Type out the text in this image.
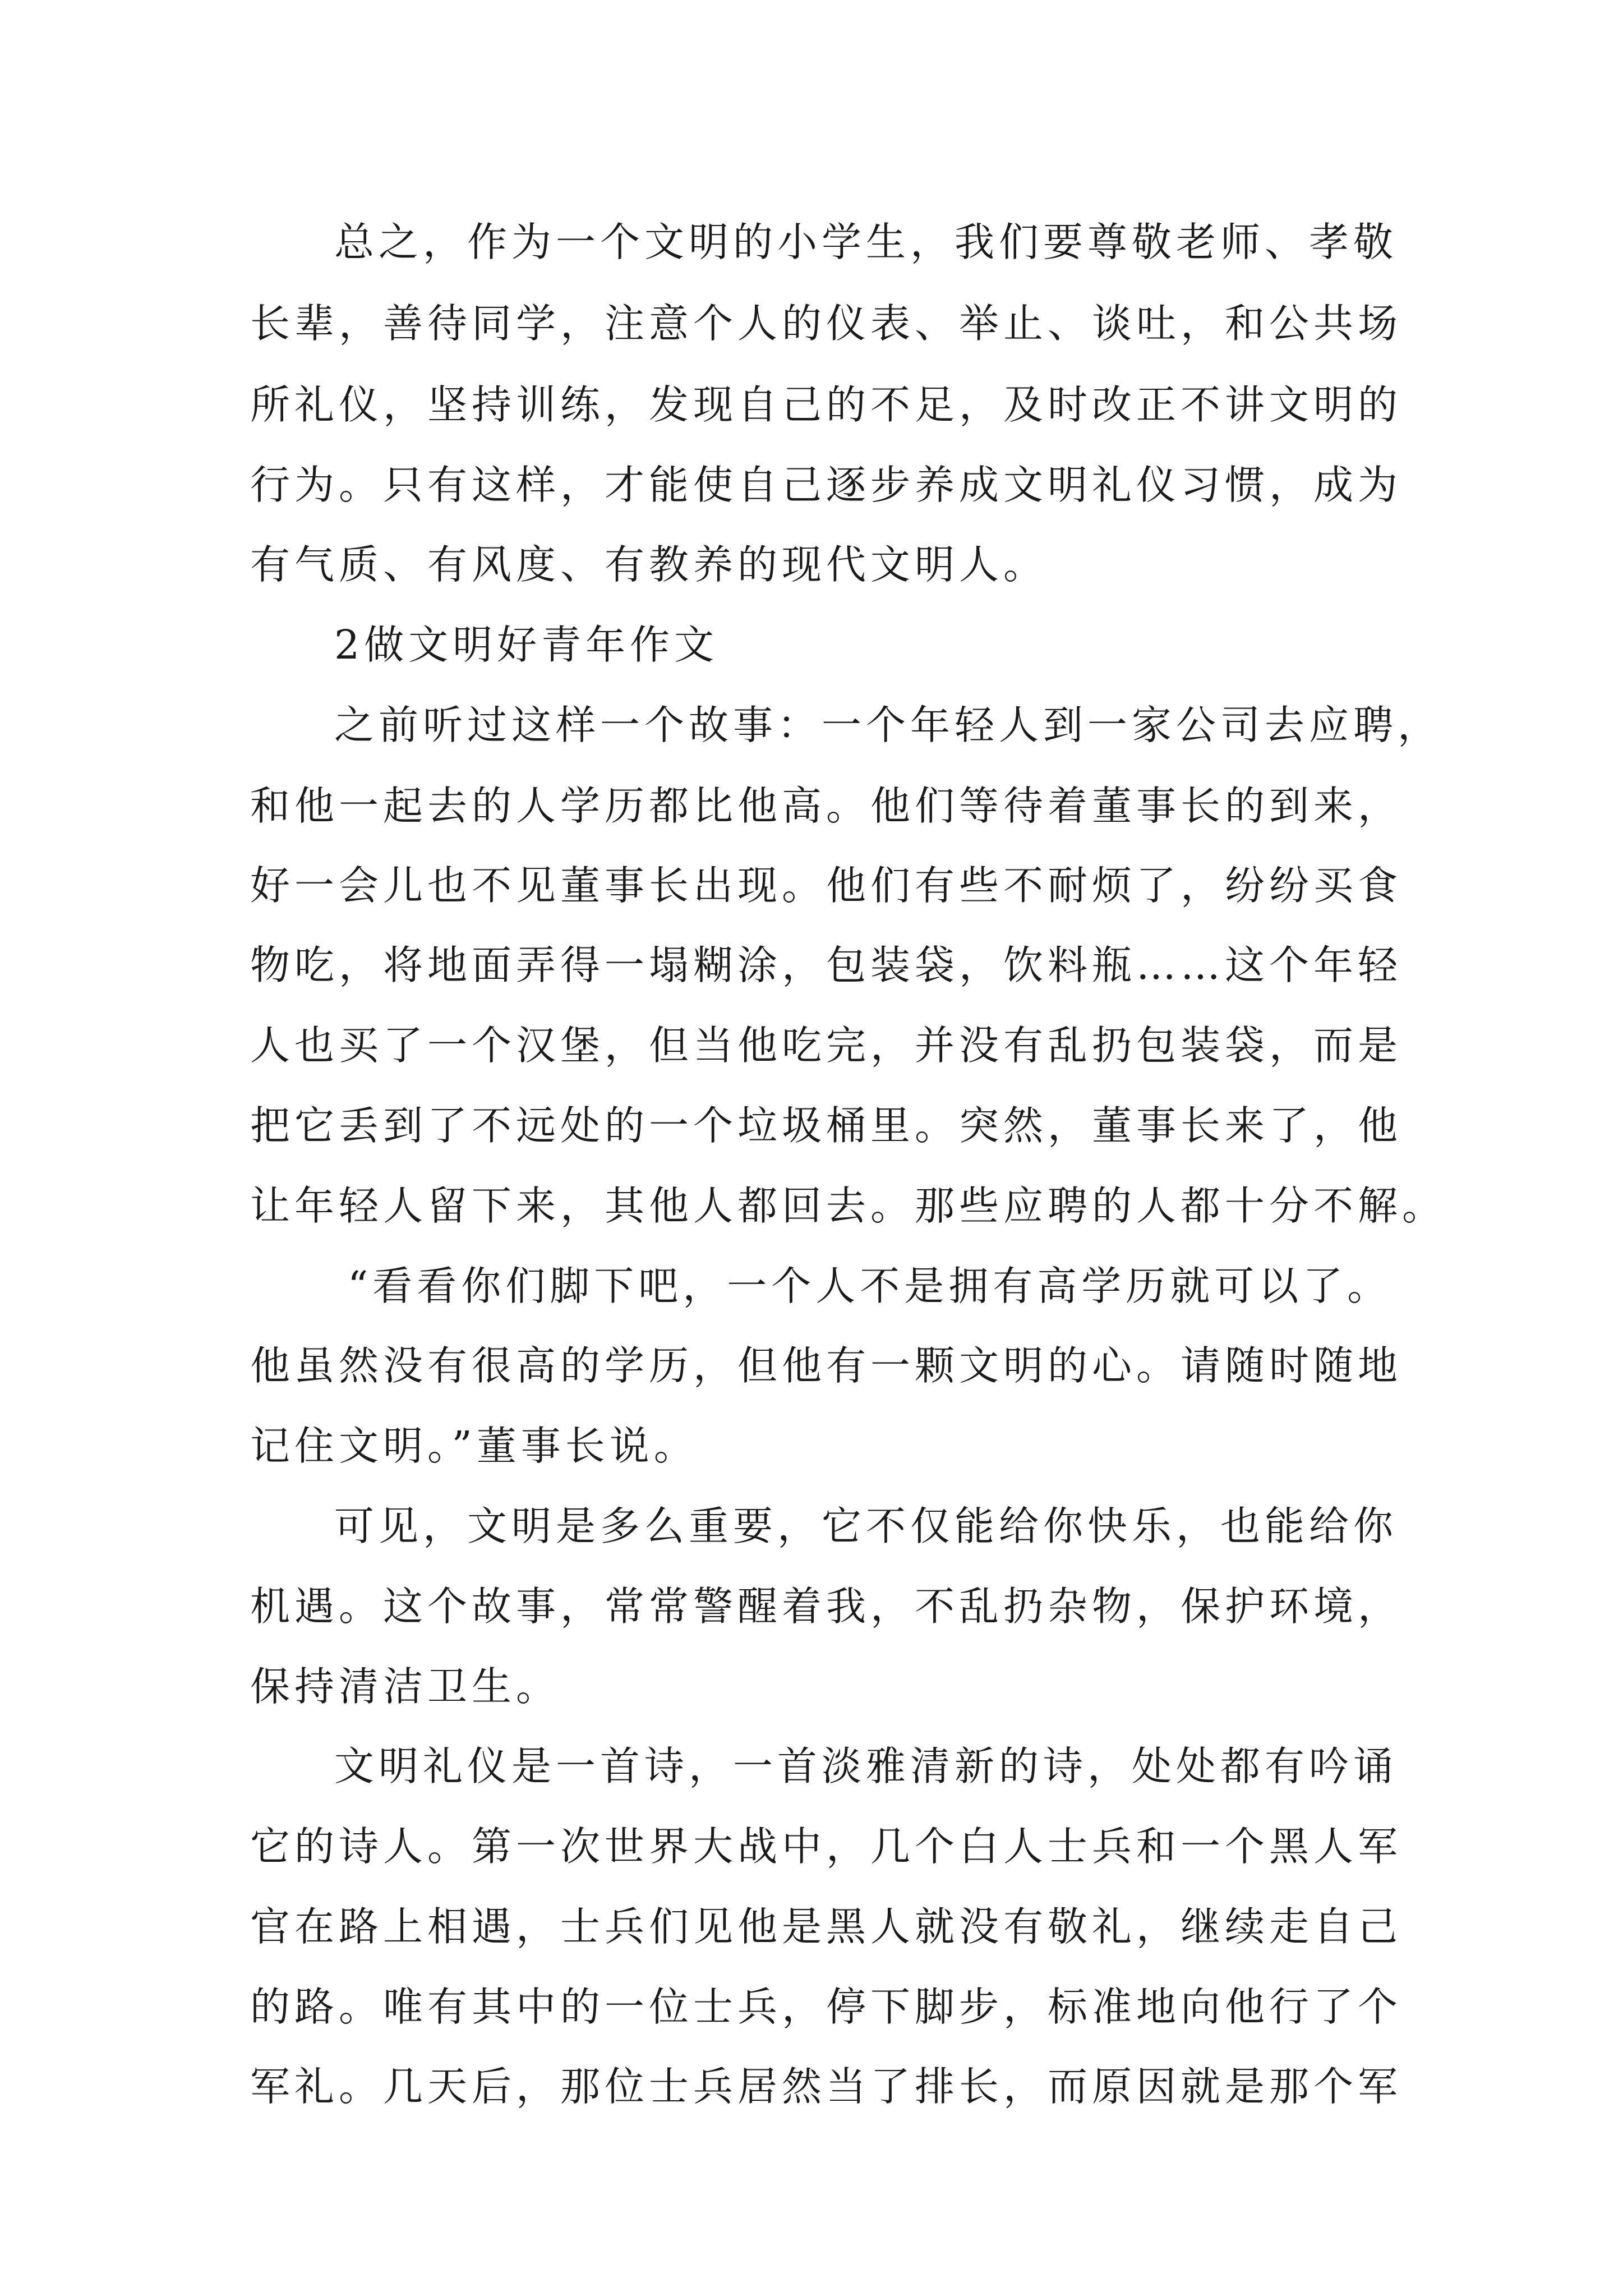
总之，作为一个文明的小学生，我们要尊敬老师、孝敬
长辈，善待同学，注意个人的仪表、举止、谈吐，和公共场
所礼仪，坚持训练，发现自己的不足，及时改正不讲文明的
行为。只有这样，才能使自己逐步养成文明礼仪习惯，成为
有气质、有风度、有教养的现代文明人。
2做文明好青年作文
之前听过这样一个故事：一个年轻人到一家公司去应聘，
和他一起去的人学历都比他高。他们等待着董事长的到来，
好一会儿也不见董事长出现。他们有些不耐烦了，纷纷买食
物吃，将地面弄得一塌糊涂，包装袋，饮料瓶……这个年轻
人也买了一个汉堡，但当他吃完，并没有乱扔包装袋，而是
把它丢到了不远处的一个垃圾桶里。突然，董事长来了，他
让年轻人留下来，其他人都回去。那些应聘的人都十分不解。
“看看你们脚下吧，一个人不是拥有高学历就可以了。
他虽然没有很高的学历，但他有一颗文明的心。请随时随地
记住文明。”董事长说。
可见，文明是多么重要，它不仅能给你快乐，也能给你
机遇。这个故事，常常警醒着我，不乱扔杂物，保护环境，
保持清洁卫生。
文明礼仪是一首诗，一首淡雅清新的诗，处处都有吟诵
它的诗人。第一次世界大战中，几个白人士兵和一个黑人军
官在路上相遇，士兵们见他是黑人就没有敬礼，继续走自己
的路。唯有其中的一位士兵，停下脚步，标准地向他行了个
军礼。几天后，那位士兵居然当了排长，而原因就是那个军
